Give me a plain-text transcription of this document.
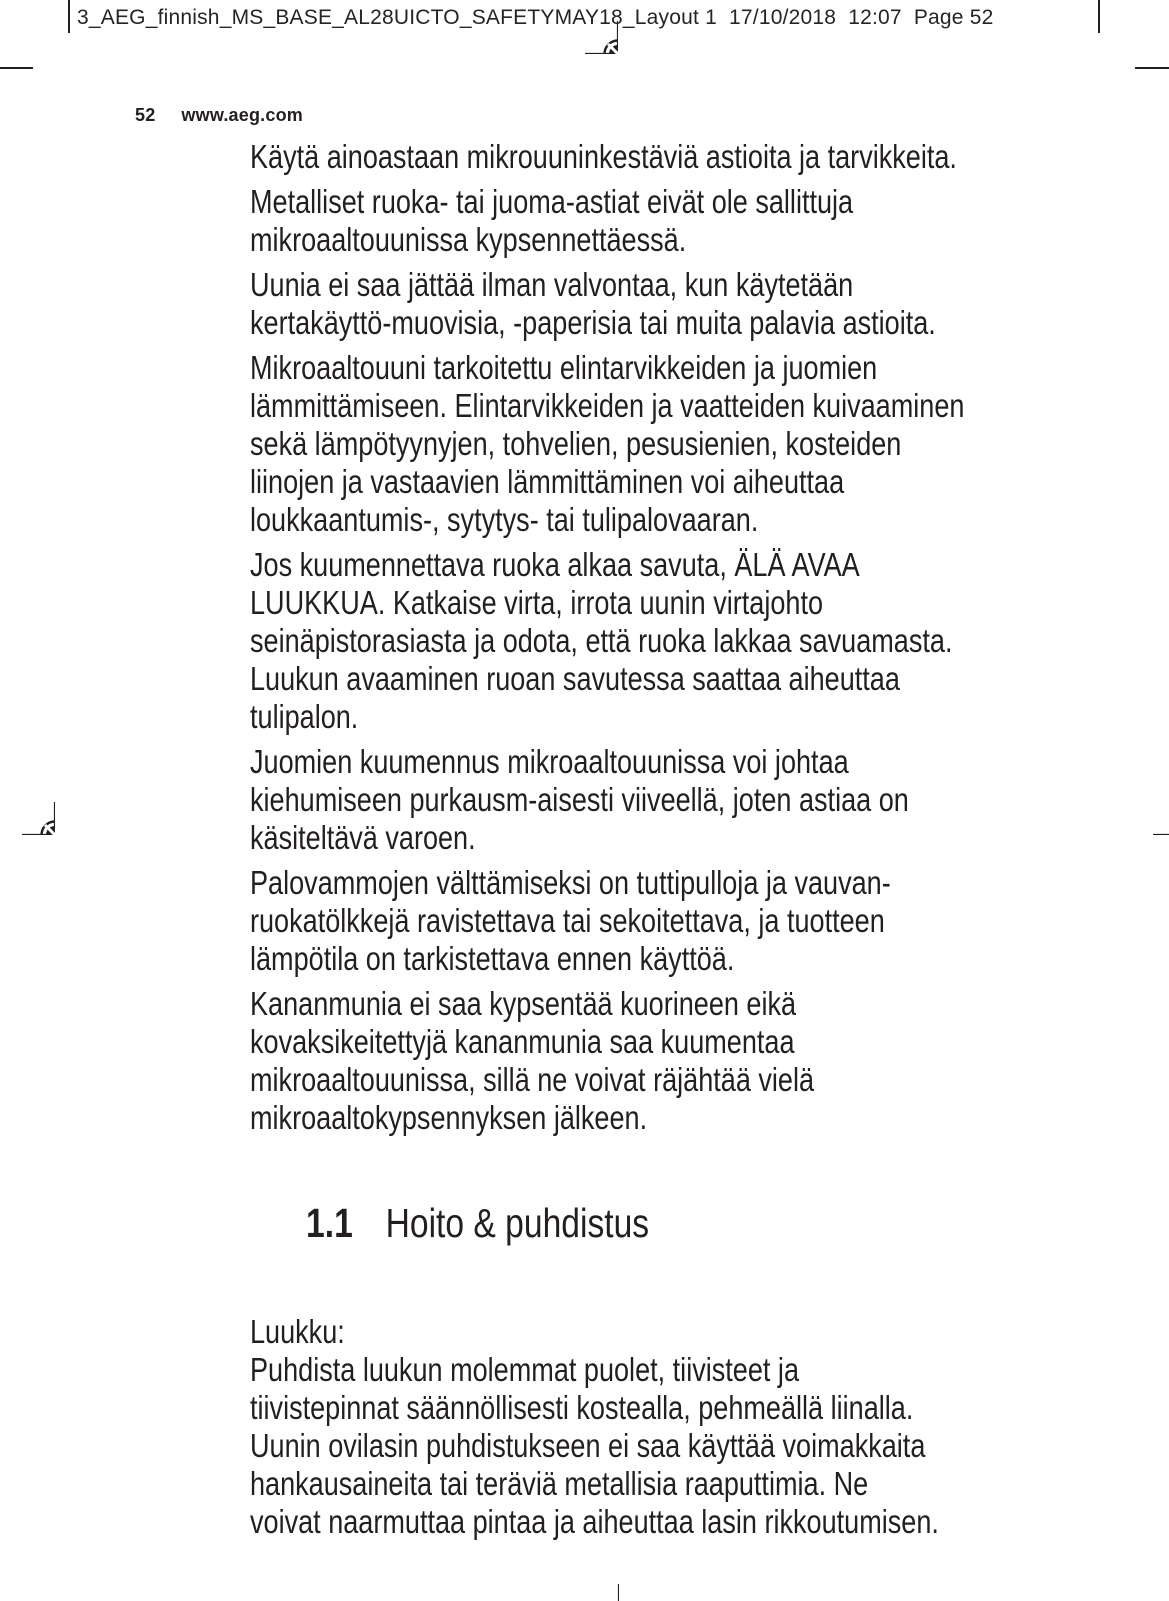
3_AEG_finnish_MS_BASE_AL28UICTO_SAFETYMAY18_Layout 1  17/10/2018  12:07  Page 52
52 www.aeg.com
Käytä ainoastaan mikrouuninkestäviä astioita ja tarvikkeita.
Metalliset ruoka- tai juoma-astiat eivät ole sallittuja
mikroaaltouunissa kypsennettäessä.
Uunia ei saa jättää ilman valvontaa, kun käytetään
kertakäyttö-muovisia, -paperisia tai muita palavia astioita.
Mikroaaltouuni tarkoitettu elintarvikkeiden ja juomien
lämmittämiseen. Elintarvikkeiden ja vaatteiden kuivaaminen
sekä lämpötyynyjen, tohvelien, pesusienien, kosteiden
liinojen ja vastaavien lämmittäminen voi aiheuttaa
loukkaantumis-, sytytys- tai tulipalovaaran.
Jos kuumennettava ruoka alkaa savuta, ÄLÄ AVAA
LUUKKUA. Katkaise virta, irrota uunin virtajohto
seinäpistorasiasta ja odota, että ruoka lakkaa savuamasta.
Luukun avaaminen ruoan savutessa saattaa aiheuttaa
tulipalon.
Juomien kuumennus mikroaaltouunissa voi johtaa
kiehumiseen purkausm-aisesti viiveellä, joten astiaa on
käsiteltävä varoen.
Palovammojen välttämiseksi on tuttipulloja ja vauvan-
ruokatölkkejä ravistettava tai sekoitettava, ja tuotteen
lämpötila on tarkistettava ennen käyttöä.
Kananmunia ei saa kypsentää kuorineen eikä
kovaksikeitettyjä kananmunia saa kuumentaa
mikroaaltouunissa, sillä ne voivat räjähtää vielä
mikroaaltokypsennyksen jälkeen.

1.1 Hoito & puhdistus

Luukku:
Puhdista luukun molemmat puolet, tiivisteet ja
tiivistepinnat säännöllisesti kostealla, pehmeällä liinalla.
Uunin ovilasin puhdistukseen ei saa käyttää voimakkaita
hankausaineita tai teräviä metallisia raaputtimia. Ne
voivat naarmuttaa pintaa ja aiheuttaa lasin rikkoutumisen.
